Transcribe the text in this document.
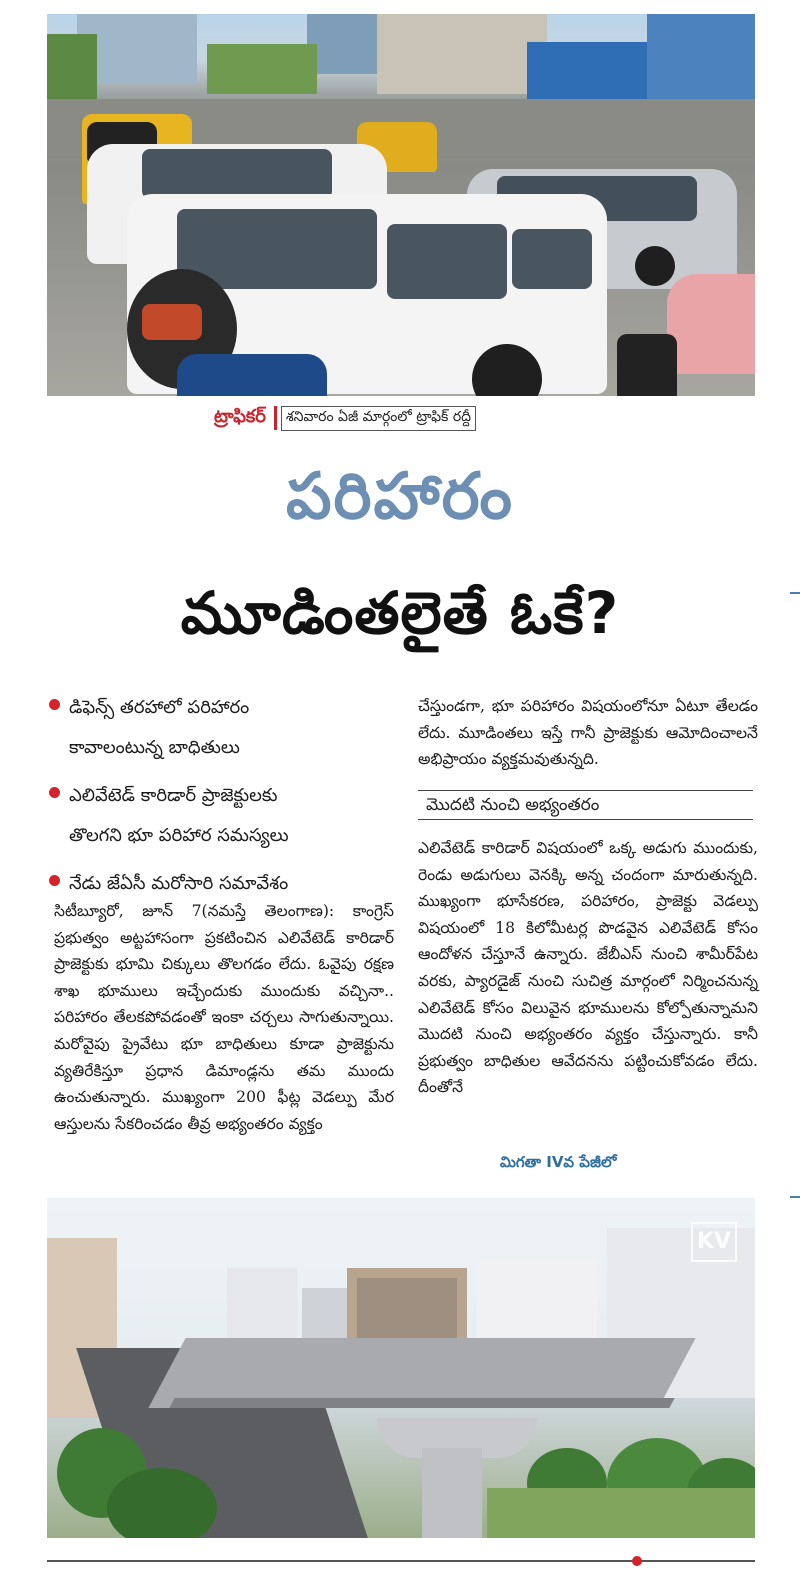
ట్రాఫికర్	శనివారం ఏజీ మార్గంలో ట్రాఫిక్ రద్దీ
పరిహారం
మూడింతలైతే ఓకే?
డిఫెన్స్ తరహాలో పరిహారం
కావాలంటున్న బాధితులు
ఎలివేటెడ్ కారిడార్ ప్రాజెక్టులకు
తొలగని భూ పరిహార సమస్యలు
నేడు జేఏసీ మరోసారి సమావేశం
సిటీబ్యూరో, జూన్ 7(నమస్తే తెలంగాణ): కాంగ్రెస్ ప్రభుత్వం అట్టహాసంగా ప్రకటించిన ఎలివేటెడ్ కారిడార్ ప్రాజెక్టుకు భూమి చిక్కులు తొలగడం లేదు. ఓవైపు రక్షణ శాఖ భూములు ఇచ్చేందుకు ముందుకు వచ్చినా.. పరిహారం తేలకపోవడంతో ఇంకా చర్చలు సాగుతున్నాయి. మరోవైపు ప్రైవేటు భూ బాధితులు కూడా ప్రాజెక్టును వ్యతిరేకిస్తూ ప్రధాన డిమాండ్లను తమ ముందు ఉంచుతున్నారు. ముఖ్యంగా 200 ఫీట్ల వెడల్పు మేర ఆస్తులను సేకరించడం తీవ్ర అభ్యంతరం వ్యక్తం
చేస్తుండగా, భూ పరిహారం విషయంలోనూ ఏటూ తేలడం లేదు. మూడింతలు ఇస్తే గానీ ప్రాజెక్టుకు ఆమోదించాలనే అభిప్రాయం వ్యక్తమవుతున్నది.
మొదటి నుంచి అభ్యంతరం
ఎలివేటెడ్ కారిడార్ విషయంలో ఒక్క అడుగు ముందుకు, రెండు అడుగులు వెనక్కి అన్న చందంగా మారుతున్నది. ముఖ్యంగా భూసేకరణ, పరిహారం, ప్రాజెక్టు వెడల్పు విషయంలో 18 కిలోమీటర్ల పొడవైన ఎలివేటెడ్ కోసం ఆందోళన చేస్తూనే ఉన్నారు. జేబీఎస్ నుంచి శామీర్‌పేట వరకు, ప్యారడైజ్ నుంచి సుచిత్ర మార్గంలో నిర్మించనున్న ఎలివేటెడ్ కోసం విలువైన భూములను కోల్పోతున్నామని మొదటి నుంచి అభ్యంతరం వ్యక్తం చేస్తున్నారు. కానీ ప్రభుత్వం బాధితుల ఆవేదనను పట్టించుకోవడం లేదు. దీంతోనే
మిగతా IVవ పేజీలో
KV
